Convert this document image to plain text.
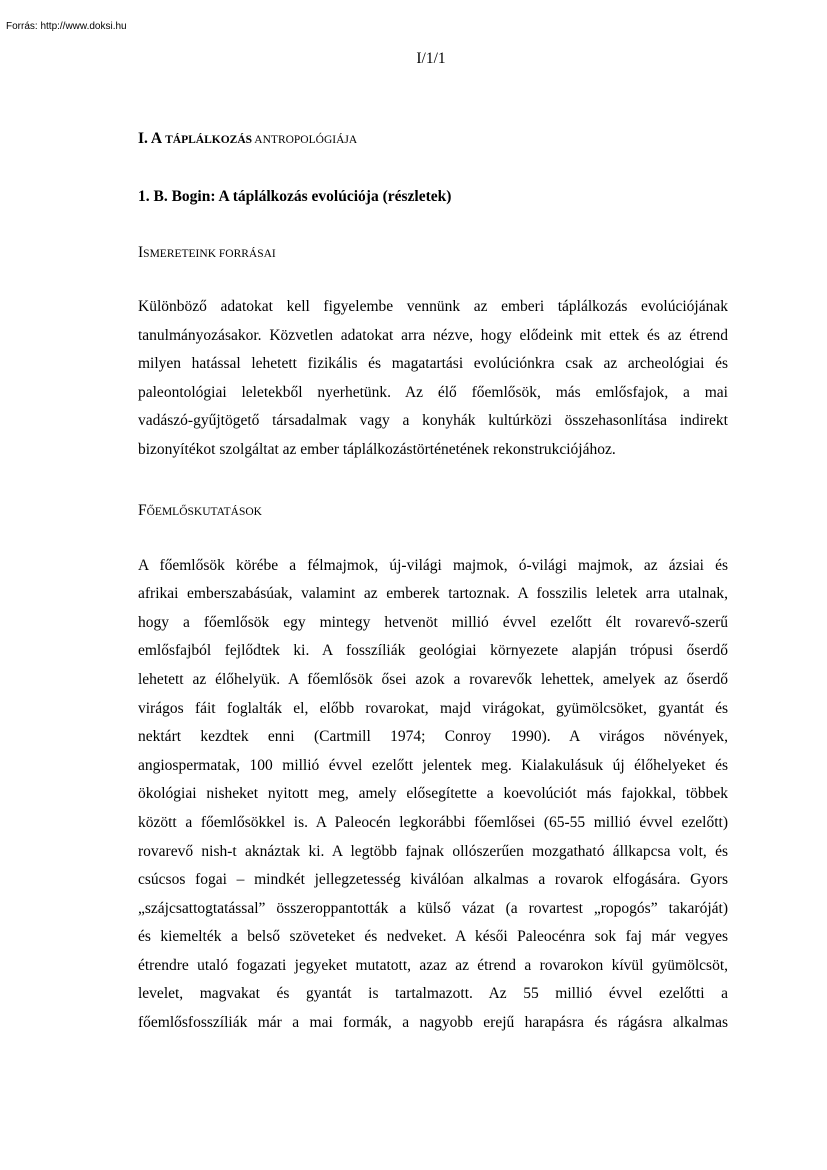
Forrás: http://www.doksi.hu
I/1/1
I. A TÁPLÁLKOZÁS ANTROPOLÓGIÁJA
1. B. Bogin: A táplálkozás evolúciója (részletek)
ISMERETEINK FORRÁSAI
Különböző adatokat kell figyelembe vennünk az emberi táplálkozás evolúciójának
tanulmányozásakor. Közvetlen adatokat arra nézve, hogy elődeink mit ettek és az étrend
milyen hatással lehetett fizikális és magatartási evolúciónkra csak az archeológiai és
paleontológiai leletekből nyerhetünk. Az élő főemlősök, más emlősfajok, a mai
vadászó-gyűjtögető társadalmak vagy a konyhák kultúrközi összehasonlítása indirekt
bizonyítékot szolgáltat az ember táplálkozástörténetének rekonstrukciójához.
FŐEMLŐSKUTATÁSOK
A főemlősök körébe a félmajmok, új-világi majmok, ó-világi majmok, az ázsiai és
afrikai emberszabásúak, valamint az emberek tartoznak. A fosszilis leletek arra utalnak,
hogy a főemlősök egy mintegy hetvenöt millió évvel ezelőtt élt rovarevő-szerű
emlősfajból fejlődtek ki. A fosszíliák geológiai környezete alapján trópusi őserdő
lehetett az élőhelyük. A főemlősök ősei azok a rovarevők lehettek, amelyek az őserdő
virágos fáit foglalták el, előbb rovarokat, majd virágokat, gyümölcsöket, gyantát és
nektárt kezdtek enni (Cartmill 1974; Conroy 1990). A virágos növények,
angiospermatak, 100 millió évvel ezelőtt jelentek meg. Kialakulásuk új élőhelyeket és
ökológiai nisheket nyitott meg, amely elősegítette a koevolúciót más fajokkal, többek
között a főemlősökkel is. A Paleocén legkorábbi főemlősei (65-55 millió évvel ezelőtt)
rovarevő nish-t aknáztak ki. A legtöbb fajnak ollószerűen mozgatható állkapcsa volt, és
csúcsos fogai – mindkét jellegzetesség kiválóan alkalmas a rovarok elfogására. Gyors
„szájcsattogtatással” összeroppantották a külső vázat (a rovartest „ropogós” takaróját)
és kiemelték a belső szöveteket és nedveket. A késői Paleocénra sok faj már vegyes
étrendre utaló fogazati jegyeket mutatott, azaz az étrend a rovarokon kívül gyümölcsöt,
levelet, magvakat és gyantát is tartalmazott. Az 55 millió évvel ezelőtti a
főemlősfosszíliák már a mai formák, a nagyobb erejű harapásra és rágásra alkalmas
